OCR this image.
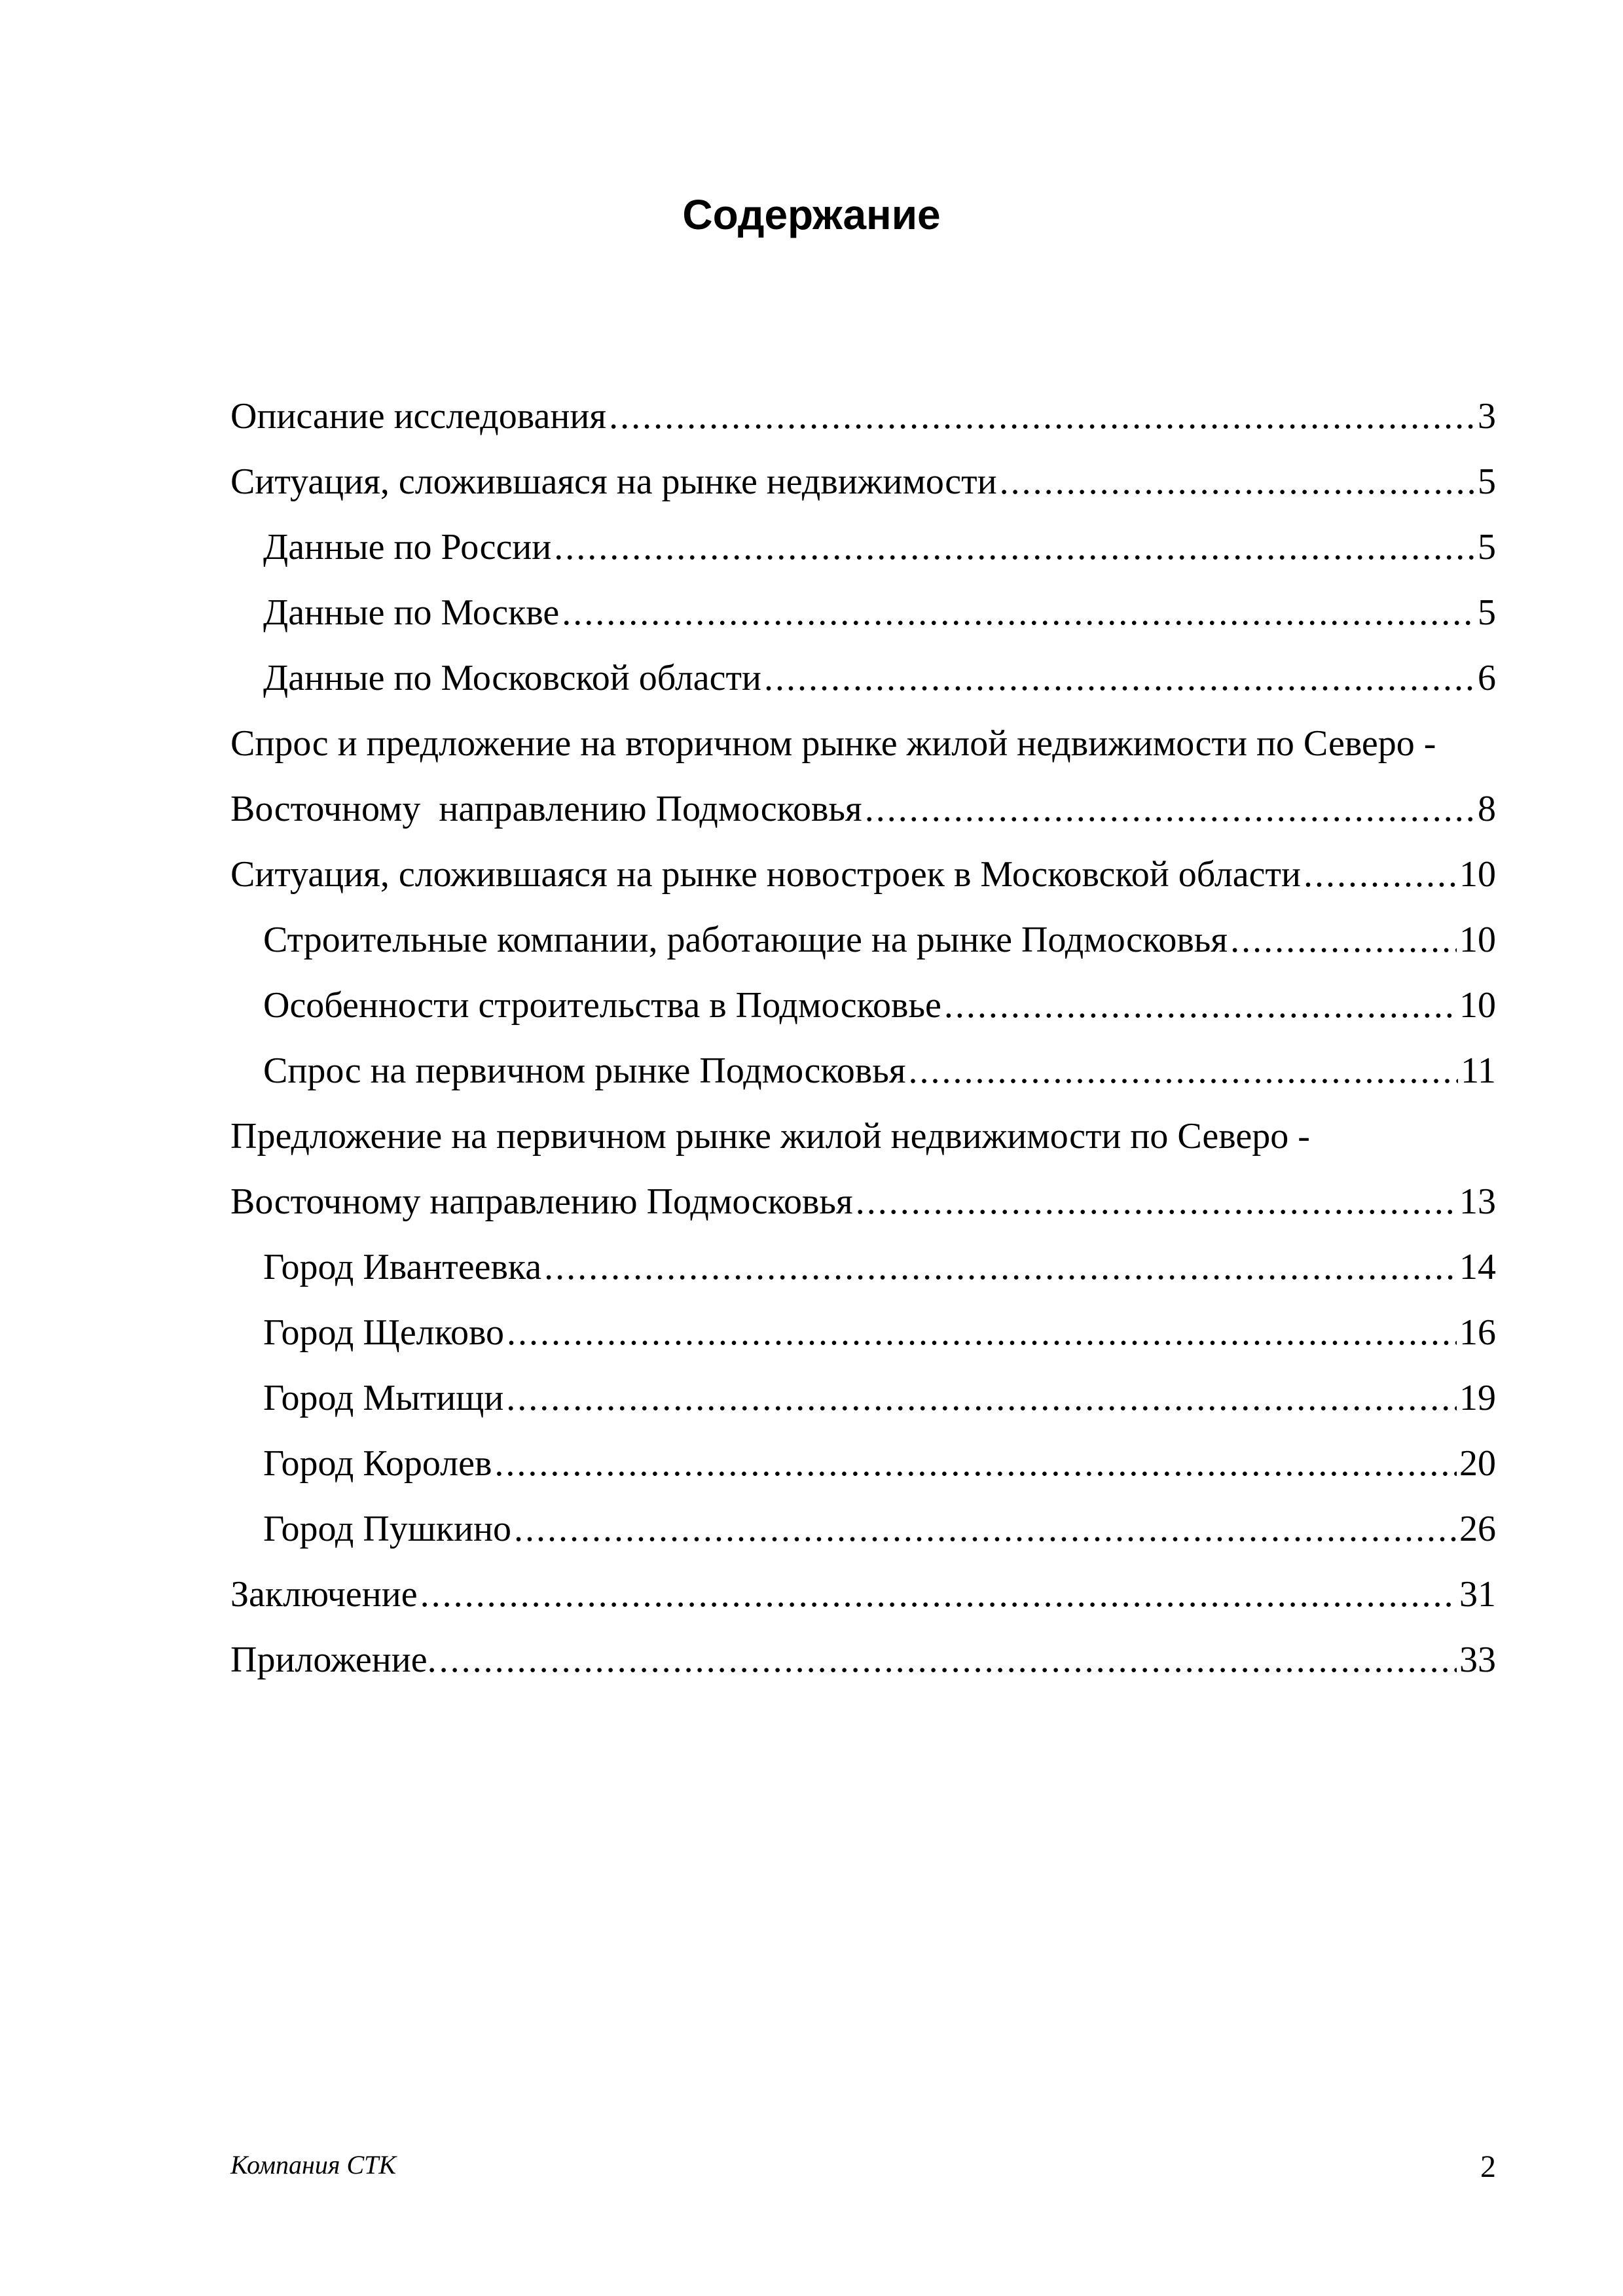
Содержание
Описание исследования .....	3
Ситуация, сложившаяся на рынке недвижимости .....	5
Данные по России .....	5
Данные по Москве .....	5
Данные по Московской области .....	6
Спрос и предложение на вторичном рынке жилой недвижимости по Северо -
Восточному  направлению Подмосковья .....	8
Ситуация, сложившаяся на рынке новостроек в Московской области .....	10
Строительные компании, работающие на рынке Подмосковья .....	10
Особенности строительства в Подмосковье .....	10
Спрос на первичном рынке Подмосковья .....	11
Предложение на первичном рынке жилой недвижимости по Северо -
Восточному направлению Подмосковья .....	13
Город Ивантеевка .....	14
Город Щелково .....	16
Город Мытищи .....	19
Город Королев .....	20
Город Пушкино .....	26
Заключение .....	31
Приложение. .....	33
Компания СТК	2
